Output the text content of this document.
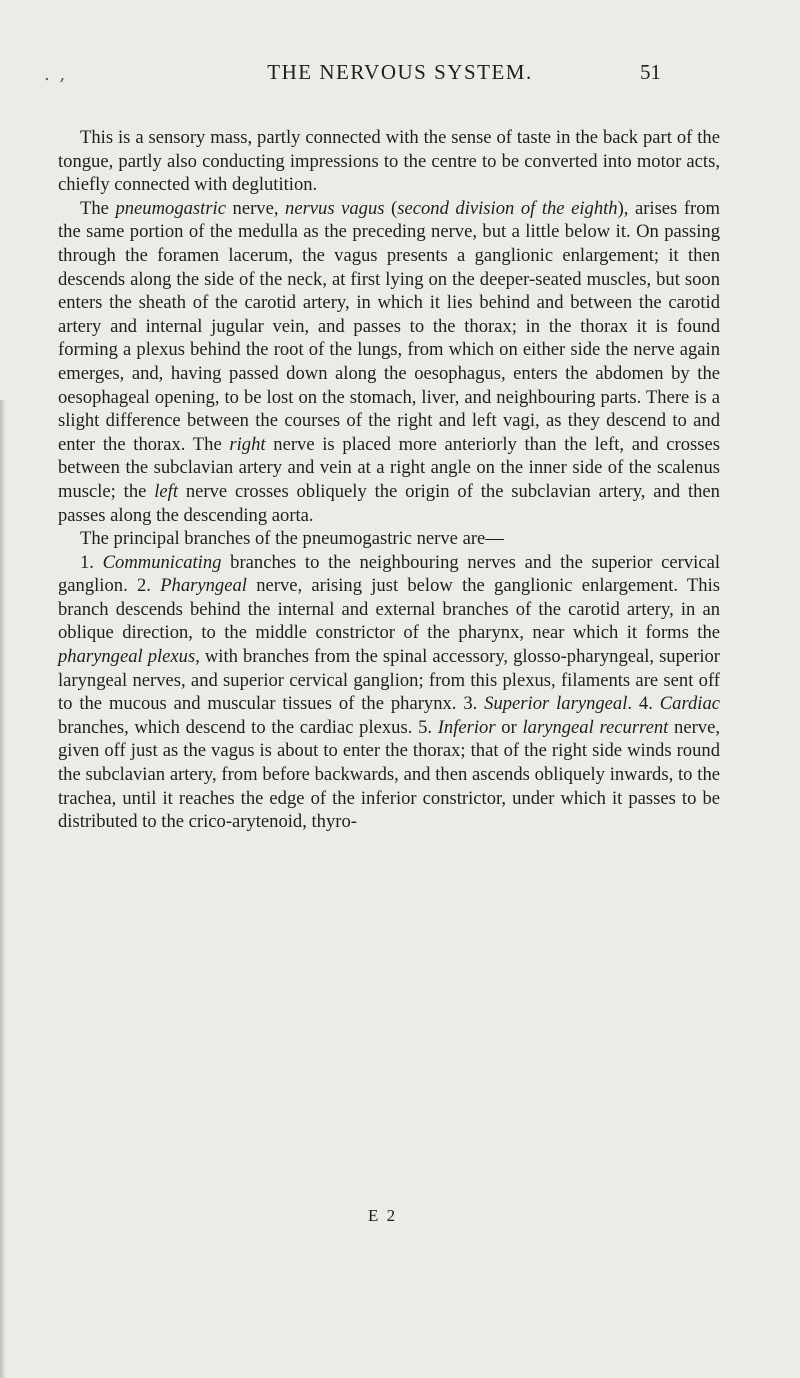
. ,	THE NERVOUS SYSTEM.	51

This is a sensory mass, partly connected with the sense of taste in the back part of the tongue, partly also conducting impressions to the centre to be converted into motor acts, chiefly connected with deglutition.

The pneumogastric nerve, nervus vagus (second division of the eighth), arises from the same portion of the medulla as the preceding nerve, but a little below it. On passing through the foramen lacerum, the vagus presents a ganglionic enlargement; it then descends along the side of the neck, at first lying on the deeper-seated muscles, but soon enters the sheath of the carotid artery, in which it lies behind and between the carotid artery and internal jugular vein, and passes to the thorax; in the thorax it is found forming a plexus behind the root of the lungs, from which on either side the nerve again emerges, and, having passed down along the oesophagus, enters the abdomen by the oesophageal opening, to be lost on the stomach, liver, and neighbouring parts. There is a slight difference between the courses of the right and left vagi, as they descend to and enter the thorax. The right nerve is placed more anteriorly than the left, and crosses between the subclavian artery and vein at a right angle on the inner side of the scalenus muscle; the left nerve crosses obliquely the origin of the subclavian artery, and then passes along the descending aorta.

The principal branches of the pneumogastric nerve are—

1. Communicating branches to the neighbouring nerves and the superior cervical ganglion. 2. Pharyngeal nerve, arising just below the ganglionic enlargement. This branch descends behind the internal and external branches of the carotid artery, in an oblique direction, to the middle constrictor of the pharynx, near which it forms the pharyngeal plexus, with branches from the spinal accessory, glosso-pharyngeal, superior laryngeal nerves, and superior cervical ganglion; from this plexus, filaments are sent off to the mucous and muscular tissues of the pharynx. 3. Superior laryngeal. 4. Cardiac branches, which descend to the cardiac plexus. 5. Inferior or laryngeal recurrent nerve, given off just as the vagus is about to enter the thorax; that of the right side winds round the subclavian artery, from before backwards, and then ascends obliquely inwards, to the trachea, until it reaches the edge of the inferior constrictor, under which it passes to be distributed to the crico-arytenoid, thyro-

E 2
